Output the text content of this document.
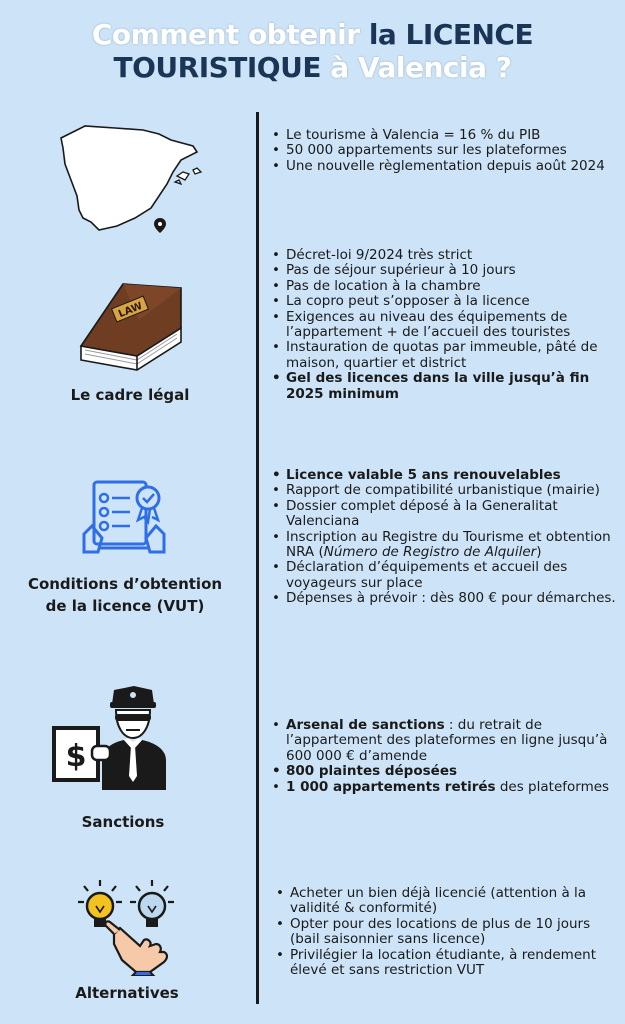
Comment obtenir la LICENCE
TOURISTIQUE à Valencia ?
• Le tourisme à Valencia = 16 % du PIB
• 50 000 appartements sur les plateformes
• Une nouvelle règlementation depuis août 2024
LAW
Le cadre légal
• Décret-loi 9/2024 très strict
• Pas de séjour supérieur à 10 jours
• Pas de location à la chambre
• La copro peut s’opposer à la licence
• Exigences au niveau des équipements de l’appartement + de l’accueil des touristes
• Instauration de quotas par immeuble, pâté de maison, quartier et district
• Gel des licences dans la ville jusqu’à fin 2025 minimum
Conditions d’obtention
de la licence (VUT)
• Licence valable 5 ans renouvelables
• Rapport de compatibilité urbanistique (mairie)
• Dossier complet déposé à la Generalitat Valenciana
• Inscription au Registre du Tourisme et obtention NRA (Número de Registro de Alquiler)
• Déclaration d’équipements et accueil des voyageurs sur place
• Dépenses à prévoir : dès 800 € pour démarches.
$
Sanctions
• Arsenal de sanctions : du retrait de l’appartement des plateformes en ligne jusqu’à 600 000 € d’amende
• 800 plaintes déposées
• 1 000 appartements retirés des plateformes
Alternatives
• Acheter un bien déjà licencié (attention à la validité & conformité)
• Opter pour des locations de plus de 10 jours (bail saisonnier sans licence)
• Privilégier la location étudiante, à rendement élevé et sans restriction VUT
